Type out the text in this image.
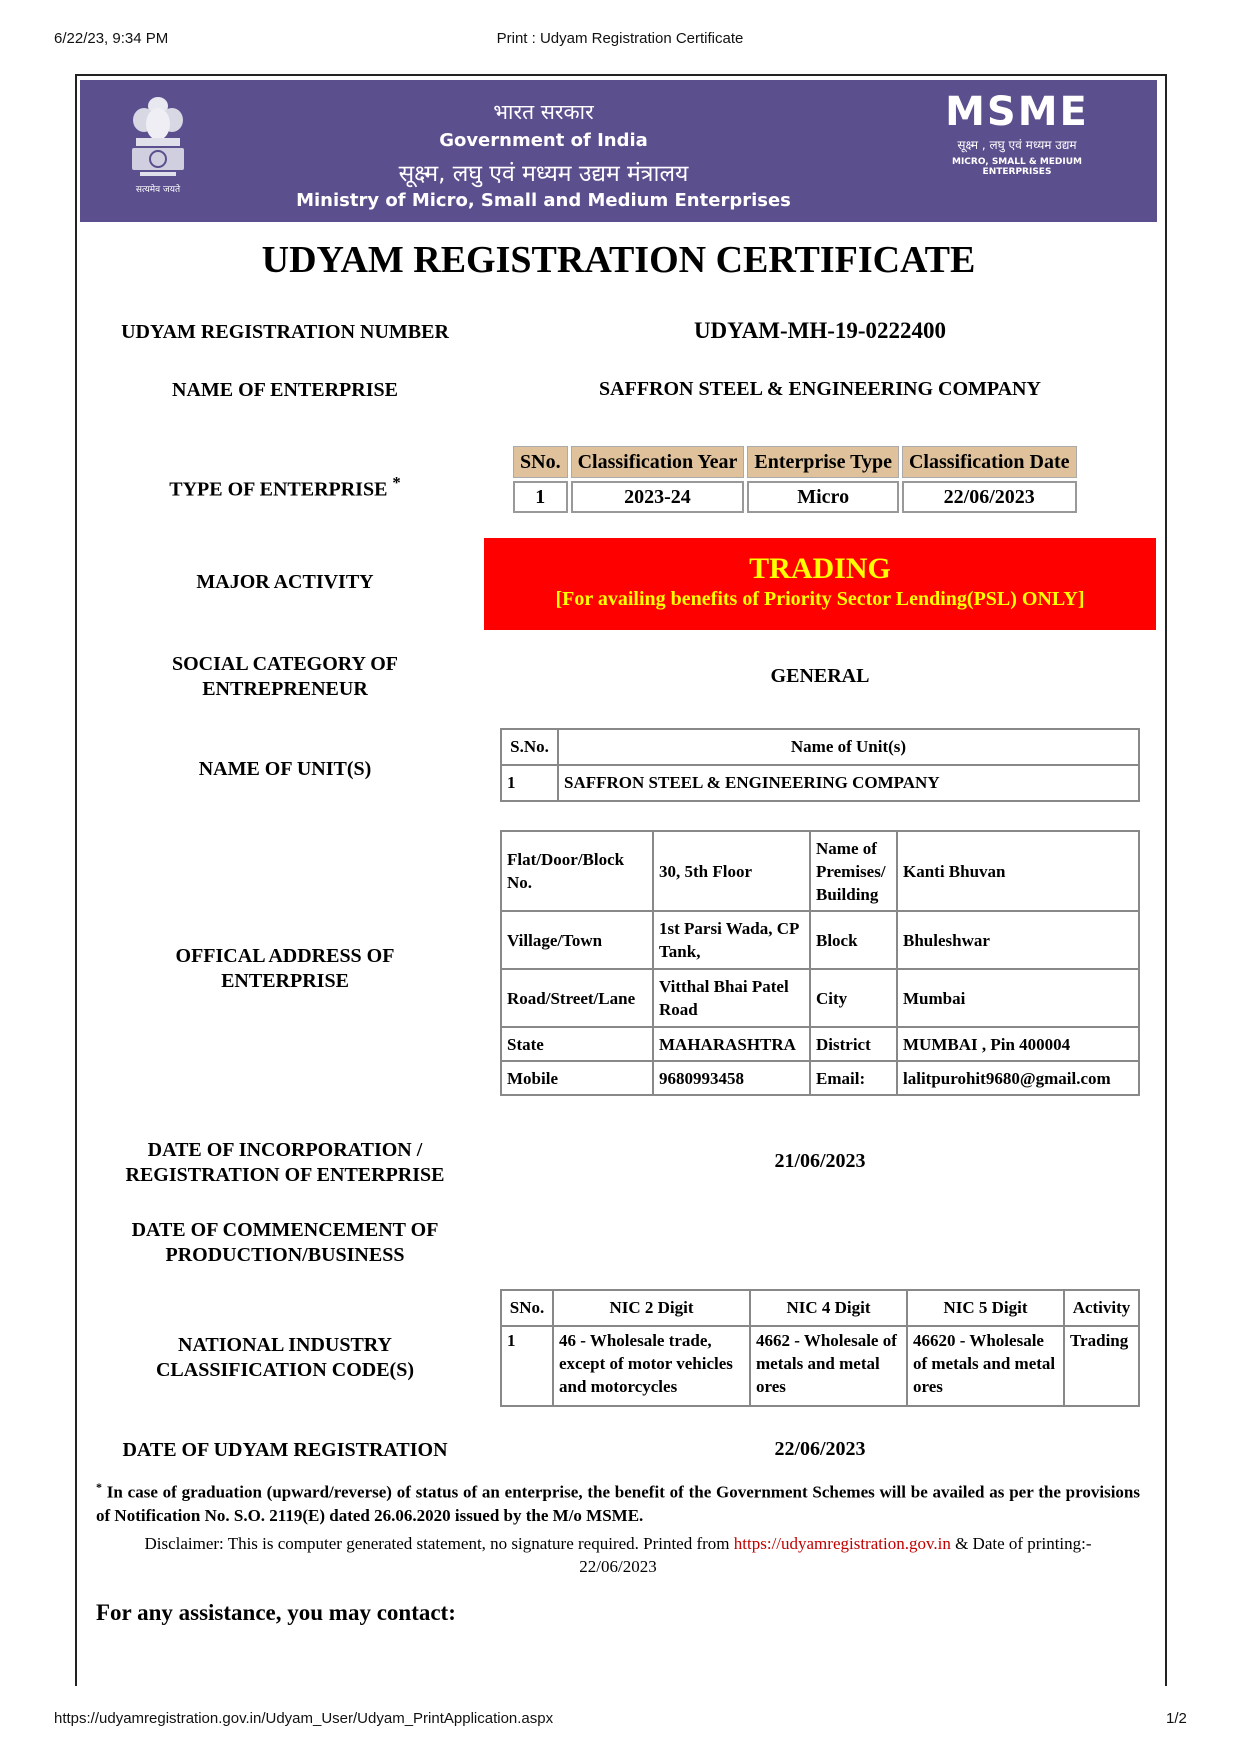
6/22/23, 9:34 PM	Print : Udyam Registration Certificate
https://udyamregistration.gov.in/Udyam_User/Udyam_PrintApplication.aspx	1/2
सत्यमेव जयते
भारत सरकार
Government of India
सूक्ष्म, लघु एवं मध्यम उद्यम मंत्रालय
Ministry of Micro, Small and Medium Enterprises
MSME
सूक्ष्म , लघु एवं मध्यम उद्यम
MICRO, SMALL & MEDIUM ENTERPRISES
UDYAM REGISTRATION CERTIFICATE
UDYAM REGISTRATION NUMBER	UDYAM-MH-19-0222400
NAME OF ENTERPRISE	SAFFRON STEEL & ENGINEERING COMPANY
TYPE OF ENTERPRISE *
SNo.	Classification Year	Enterprise Type	Classification Date
1	2023-24	Micro	22/06/2023
MAJOR ACTIVITY	TRADING
[For availing benefits of Priority Sector Lending(PSL) ONLY]
SOCIAL CATEGORY OF
ENTREPRENEUR
GENERAL
NAME OF UNIT(S)
S.No.	Name of Unit(s)
1	SAFFRON STEEL & ENGINEERING COMPANY
OFFICAL ADDRESS OF
ENTERPRISE
Flat/Door/Block No.	30, 5th Floor	Name of Premises/ Building	Kanti Bhuvan
Village/Town	1st Parsi Wada, CP Tank,	Block	Bhuleshwar
Road/Street/Lane	Vitthal Bhai Patel Road	City	Mumbai
State	MAHARASHTRA	District	MUMBAI , Pin 400004
Mobile	9680993458	Email:	lalitpurohit9680@gmail.com
DATE OF INCORPORATION /
REGISTRATION OF ENTERPRISE
21/06/2023
DATE OF COMMENCEMENT OF
PRODUCTION/BUSINESS
NATIONAL INDUSTRY
CLASSIFICATION CODE(S)
SNo.	NIC 2 Digit	NIC 4 Digit	NIC 5 Digit	Activity
1	46 - Wholesale trade, except of motor vehicles and motorcycles	4662 - Wholesale of metals and metal ores	46620 - Wholesale of metals and metal ores	Trading
DATE OF UDYAM REGISTRATION	22/06/2023
* In case of graduation (upward/reverse) of status of an enterprise, the benefit of the Government Schemes will be availed as per the provisions of Notification No. S.O. 2119(E) dated 26.06.2020 issued by the M/o MSME.
Disclaimer: This is computer generated statement, no signature required. Printed from https://udyamregistration.gov.in & Date of printing:-
22/06/2023
For any assistance, you may contact:
